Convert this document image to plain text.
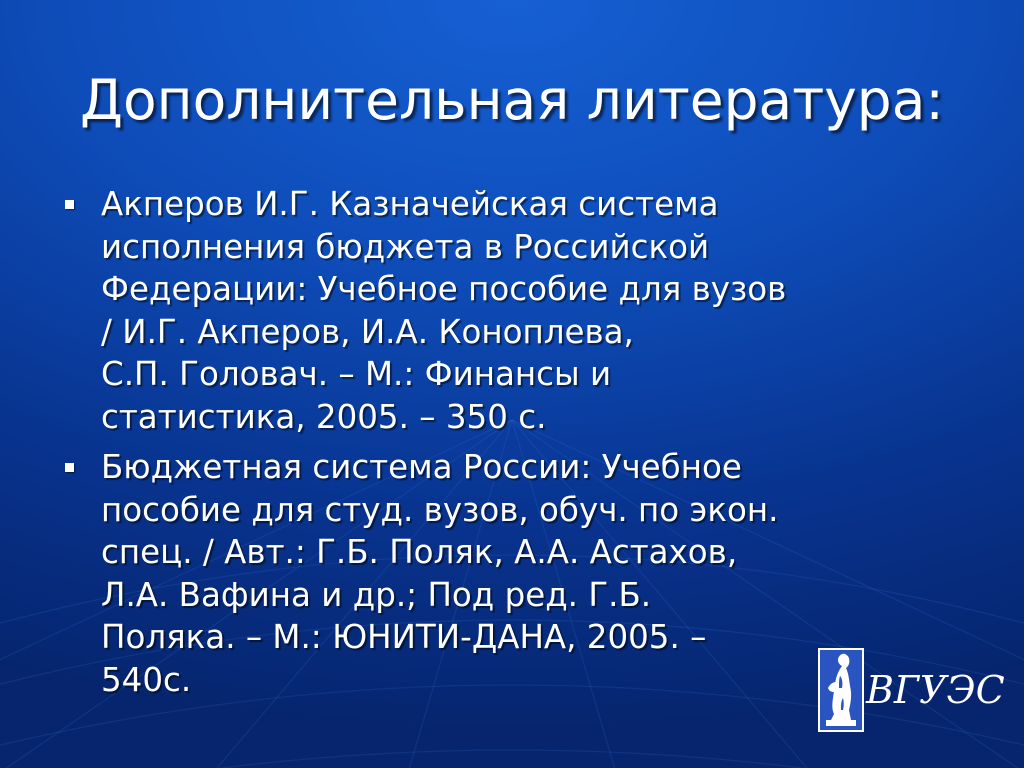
Дополнительная литература:
Акперов И.Г. Казначейская система
исполнения бюджета в Российской
Федерации: Учебное пособие для вузов
/ И.Г. Акперов, И.А. Коноплева,
С.П. Головач. – М.: Финансы и
статистика, 2005. – 350 с.
Бюджетная система России: Учебное
пособие для студ. вузов, обуч. по экон.
спец. / Авт.: Г.Б. Поляк, А.А. Астахов,
Л.А. Вафина и др.; Под ред. Г.Б.
Поляка. – М.: ЮНИТИ-ДАНА, 2005. –
540с.	ВГУЭС
